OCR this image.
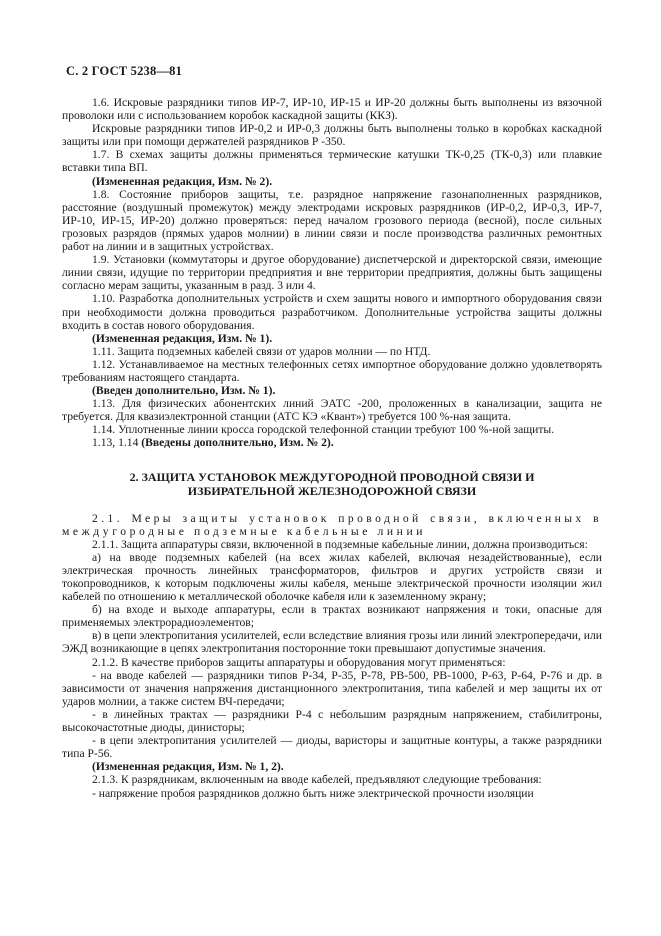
С. 2 ГОСТ 5238—81

1.6. Искровые разрядники типов ИР-7, ИР-10, ИР-15 и ИР-20 должны быть выполнены из вязочной проволоки или с использованием коробок каскадной защиты (ККЗ).

Искровые разрядники типов ИР-0,2 и ИР-0,3 должны быть выполнены только в коробках каскадной защиты или при помощи держателей разрядников Р -350.

1.7. В схемах защиты должны применяться термические катушки ТК-0,25 (ТК-0,3) или плавкие вставки типа ВП.

(Измененная редакция, Изм. № 2).

1.8. Состояние приборов защиты, т.е. разрядное напряжение газонаполненных разрядников, расстояние (воздушный промежуток) между электродами искровых разрядников (ИР-0,2, ИР-0,3, ИР-7, ИР-10, ИР-15, ИР-20) должно проверяться: перед началом грозового периода (весной), после сильных грозовых разрядов (прямых ударов молнии) в линии связи и после производства различных ремонтных работ на линии и в защитных устройствах.

1.9. Установки (коммутаторы и другое оборудование) диспетчерской и директорской связи, имеющие линии связи, идущие по территории предприятия и вне территории предприятия, должны быть защищены согласно мерам защиты, указанным в разд. 3 или 4.

1.10. Разработка дополнительных устройств и схем защиты нового и импортного оборудования связи при необходимости должна проводиться разработчиком. Дополнительные устройства защиты должны входить в состав нового оборудования.

(Измененная редакция, Изм. № 1).

1.11. Защита подземных кабелей связи от ударов молнии — по НТД.

1.12. Устанавливаемое на местных телефонных сетях импортное оборудование должно удовлетворять требованиям настоящего стандарта.

(Введен дополнительно, Изм. № 1).

1.13. Для физических абонентских линий ЭАТС -200, проложенных в канализации, защита не требуется. Для квазиэлектронной станции (АТС КЭ «Квант») требуется 100 %-ная защита.

1.14. Уплотненные линии кросса городской телефонной станции требуют 100 %-ной защиты.

1.13, 1.14 (Введены дополнительно, Изм. № 2).

2. ЗАЩИТА УСТАНОВОК МЕЖДУГОРОДНОЙ ПРОВОДНОЙ СВЯЗИ И
ИЗБИРАТЕЛЬНОЙ ЖЕЛЕЗНОДОРОЖНОЙ СВЯЗИ

2.1. Меры защиты установок проводной связи, включенных в

междугородные подземные кабельные линии

2.1.1. Защита аппаратуры связи, включенной в подземные кабельные линии, должна производиться:

а) на вводе подземных кабелей (на всех жилах кабелей, включая незадействованные), если электрическая прочность линейных трансформаторов, фильтров и других устройств связи и токопроводников, к которым подключены жилы кабеля, меньше электрической прочности изоляции жил кабелей по отношению к металлической оболочке кабеля или к заземленному экрану;

б) на входе и выходе аппаратуры, если в трактах возникают напряжения и токи, опасные для применяемых электрорадиоэлементов;

в) в цепи электропитания усилителей, если вследствие влияния грозы или линий электропередачи, или ЭЖД возникающие в цепях электропитания посторонние токи превышают допустимые значения.

2.1.2. В качестве приборов защиты аппаратуры и оборудования могут применяться:

- на вводе кабелей — разрядники типов Р-34, Р-35, Р-78, РВ-500, РВ-1000, Р-63, Р-64, Р-76 и др. в зависимости от значения напряжения дистанционного электропитания, типа кабелей и мер защиты их от ударов молнии, а также систем ВЧ-передачи;

- в линейных трактах — разрядники Р-4 с небольшим разрядным напряжением, стабилитроны, высокочастотные диоды, динисторы;

- в цепи электропитания усилителей — диоды, варисторы и защитные контуры, а также разрядники типа Р-56.

(Измененная редакция, Изм. № 1, 2).

2.1.3. К разрядникам, включенным на вводе кабелей, предъявляют следующие требования:

- напряжение пробоя разрядников должно быть ниже электрической прочности изоляции
